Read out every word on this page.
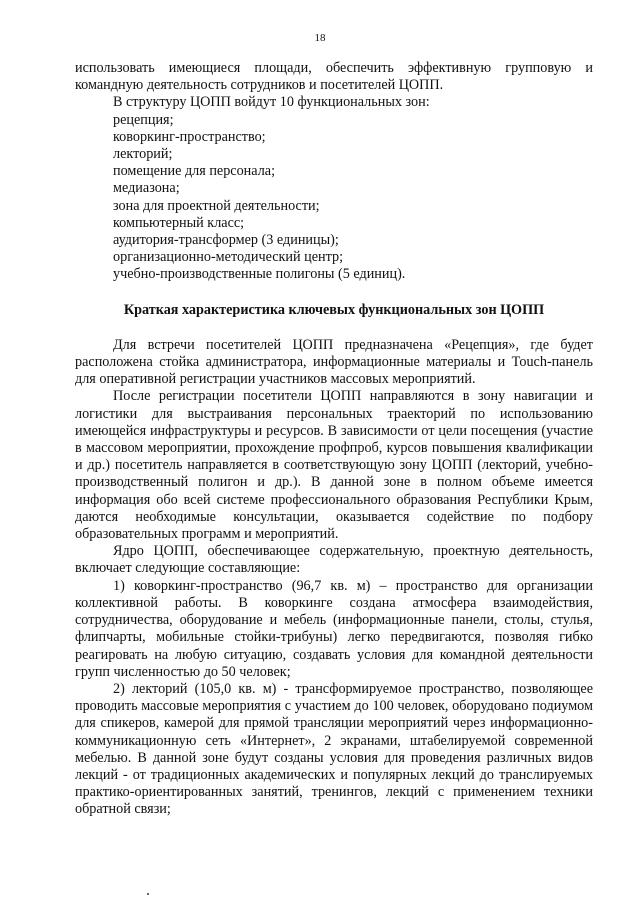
18

использовать имеющиеся площади, обеспечить эффективную групповую и командную деятельность сотрудников и посетителей ЦОПП.

В структуру ЦОПП войдут 10 функциональных зон:

рецепция;
коворкинг-пространство;
лекторий;
помещение для персонала;
медиазона;
зона для проектной деятельности;
компьютерный класс;
аудитория-трансформер (3 единицы);
организационно-методический центр;
учебно-производственные полигоны (5 единиц).
Краткая характеристика ключевых функциональных зон ЦОПП

Для встречи посетителей ЦОПП предназначена «Рецепция», где будет расположена стойка администратора, информационные материалы и Touch-панель для оперативной регистрации участников массовых мероприятий.

После регистрации посетители ЦОПП направляются в зону навигации и логистики для выстраивания персональных траекторий по использованию имеющейся инфраструктуры и ресурсов. В зависимости от цели посещения (участие в массовом мероприятии, прохождение профпроб, курсов повышения квалификации и др.) посетитель направляется в соответствующую зону ЦОПП (лекторий, учебно-производственный полигон и др.). В данной зоне в полном объеме имеется информация обо всей системе профессионального образования Республики Крым, даются необходимые консультации, оказывается содействие по подбору образовательных программ и мероприятий.

Ядро ЦОПП, обеспечивающее содержательную, проектную деятельность, включает следующие составляющие:

1) коворкинг-пространство (96,7 кв. м) – пространство для организации коллективной работы. В коворкинге создана атмосфера взаимодействия, сотрудничества, оборудование и мебель (информационные панели, столы, стулья, флипчарты, мобильные стойки-трибуны) легко передвигаются, позволяя гибко реагировать на любую ситуацию, создавать условия для командной деятельности групп численностью до 50 человек;

2) лекторий (105,0 кв. м) - трансформируемое пространство, позволяющее проводить массовые мероприятия с участием до 100 человек, оборудовано подиумом для спикеров, камерой для прямой трансляции мероприятий через информационно-коммуникационную сеть «Интернет», 2 экранами, штабелируемой современной мебелью. В данной зоне будут созданы условия для проведения различных видов лекций - от традиционных академических и популярных лекций до транслируемых практико-ориентированных занятий, тренингов, лекций с применением техники обратной связи;
